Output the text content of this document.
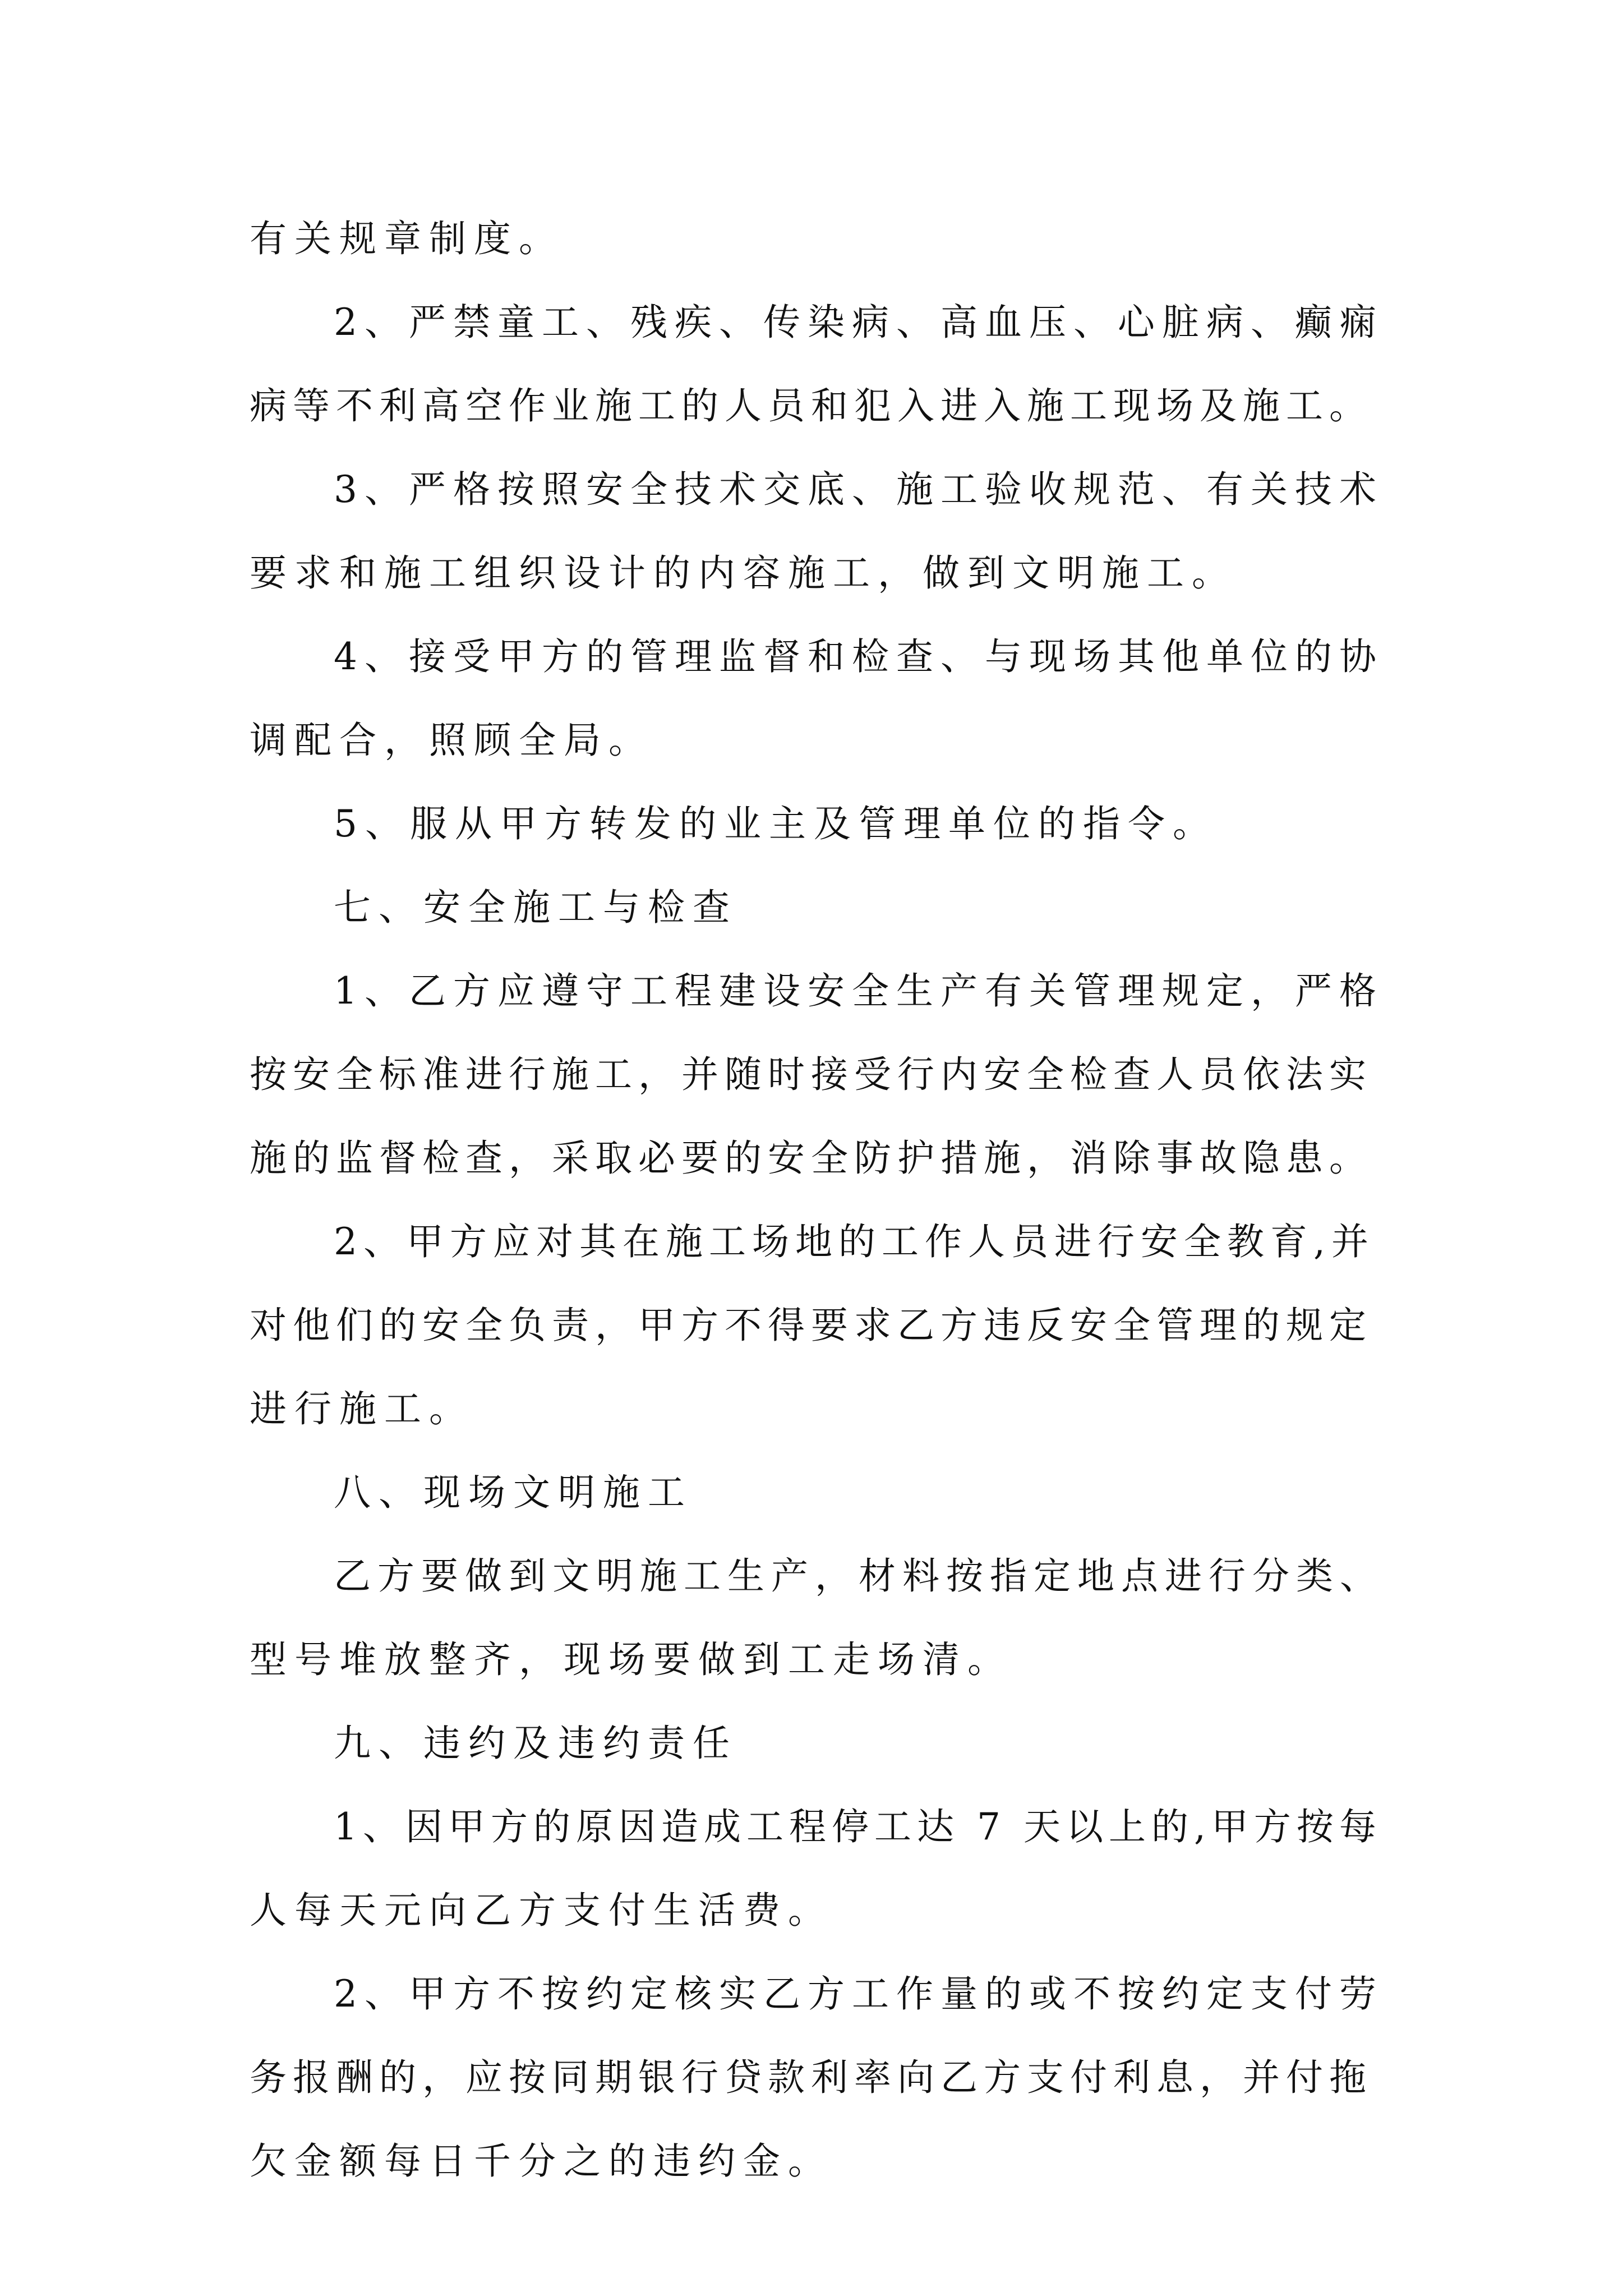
有关规章制度。
2、严禁童工、残疾、传染病、高血压、心脏病、癫痫
病等不利高空作业施工的人员和犯入进入施工现场及施工。
3、严格按照安全技术交底、施工验收规范、有关技术
要求和施工组织设计的内容施工，做到文明施工。
4、接受甲方的管理监督和检查、与现场其他单位的协
调配合，照顾全局。
5、服从甲方转发的业主及管理单位的指令。
七、安全施工与检查
1、乙方应遵守工程建设安全生产有关管理规定，严格
按安全标准进行施工，并随时接受行内安全检查人员依法实
施的监督检查，采取必要的安全防护措施，消除事故隐患。
2、甲方应对其在施工场地的工作人员进行安全教育,并
对他们的安全负责，甲方不得要求乙方违反安全管理的规定
进行施工。
八、现场文明施工
乙方要做到文明施工生产，材料按指定地点进行分类、
型号堆放整齐，现场要做到工走场清。
九、违约及违约责任
1、因甲方的原因造成工程停工达 7 天以上的,甲方按每
人每天元向乙方支付生活费。
2、甲方不按约定核实乙方工作量的或不按约定支付劳
务报酬的，应按同期银行贷款利率向乙方支付利息，并付拖
欠金额每日千分之的违约金。
